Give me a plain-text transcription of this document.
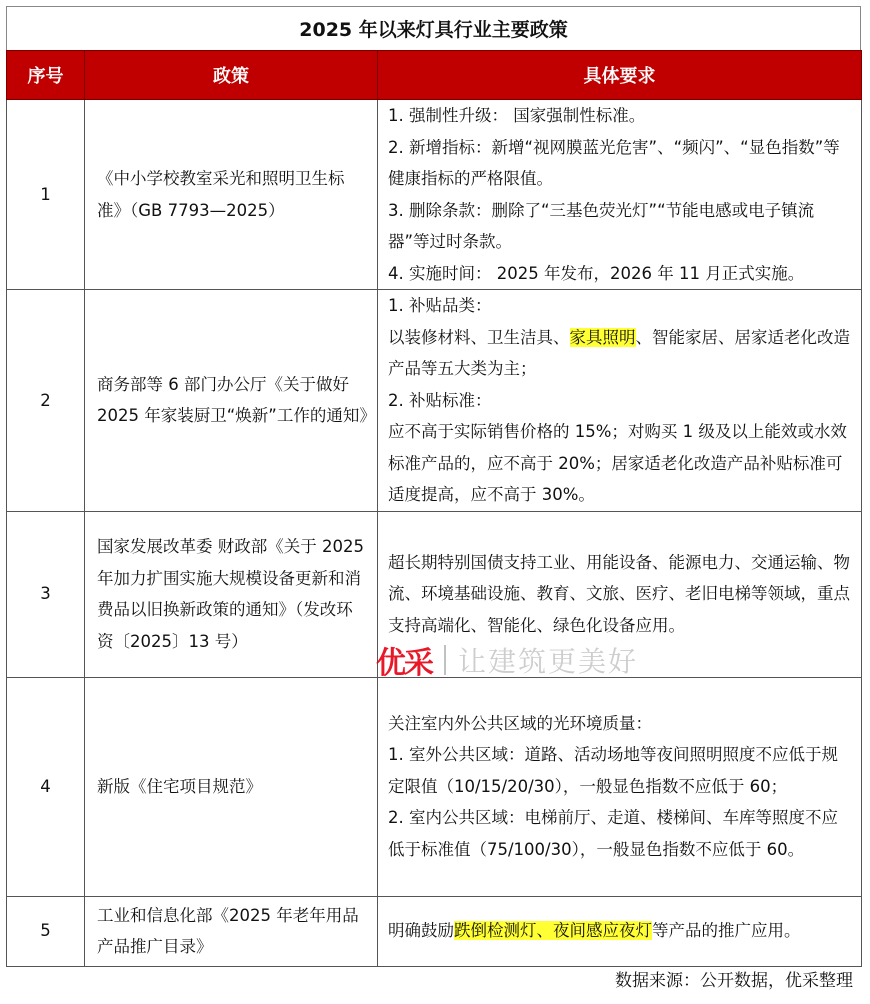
2025 年以来灯具行业主要政策
序号	政策	具体要求
1	《中小学校教室采光和照明卫生标准》（GB 7793—2025）	1. 强制性升级： 国家强制性标准。
2. 新增指标：新增“视网膜蓝光危害”、“频闪”、“显色指数”等健康指标的严格限值。
3. 删除条款：删除了“三基色荧光灯”“节能电感或电子镇流器”等过时条款。
4. 实施时间： 2025 年发布，2026 年 11 月正式实施。

2	商务部等 6 部门办公厅《关于做好 2025 年家装厨卫“焕新”工作的通知》	1. 补贴品类：
以装修材料、卫生洁具、家具照明、智能家居、居家适老化改造产品等五大类为主；
2. 补贴标准：
应不高于实际销售价格的 15%；对购买 1 级及以上能效或水效标准产品的，应不高于 20%；居家适老化改造产品补贴标准可适度提高，应不高于 30%。

3	国家发展改革委 财政部《关于 2025 年加力扩围实施大规模设备更新和消费品以旧换新政策的通知》（发改环资〔2025〕13 号）	超长期特别国债支持工业、用能设备、能源电力、交通运输、物流、环境基础设施、教育、文旅、医疗、老旧电梯等领域，重点支持高端化、智能化、绿色化设备应用。

4	新版《住宅项目规范》	关注室内外公共区域的光环境质量：
1. 室外公共区域：道路、活动场地等夜间照明照度不应低于规定限值（10/15/20/30），一般显色指数不应低于 60；
2. 室内公共区域：电梯前厅、走道、楼梯间、车库等照度不应低于标准值（75/100/30），一般显色指数不应低于 60。

5	工业和信息化部《2025 年老年用品产品推广目录》	明确鼓励跌倒检测灯、夜间感应夜灯等产品的推广应用。
优采 让建筑更美好
数据来源：公开数据，优采整理
